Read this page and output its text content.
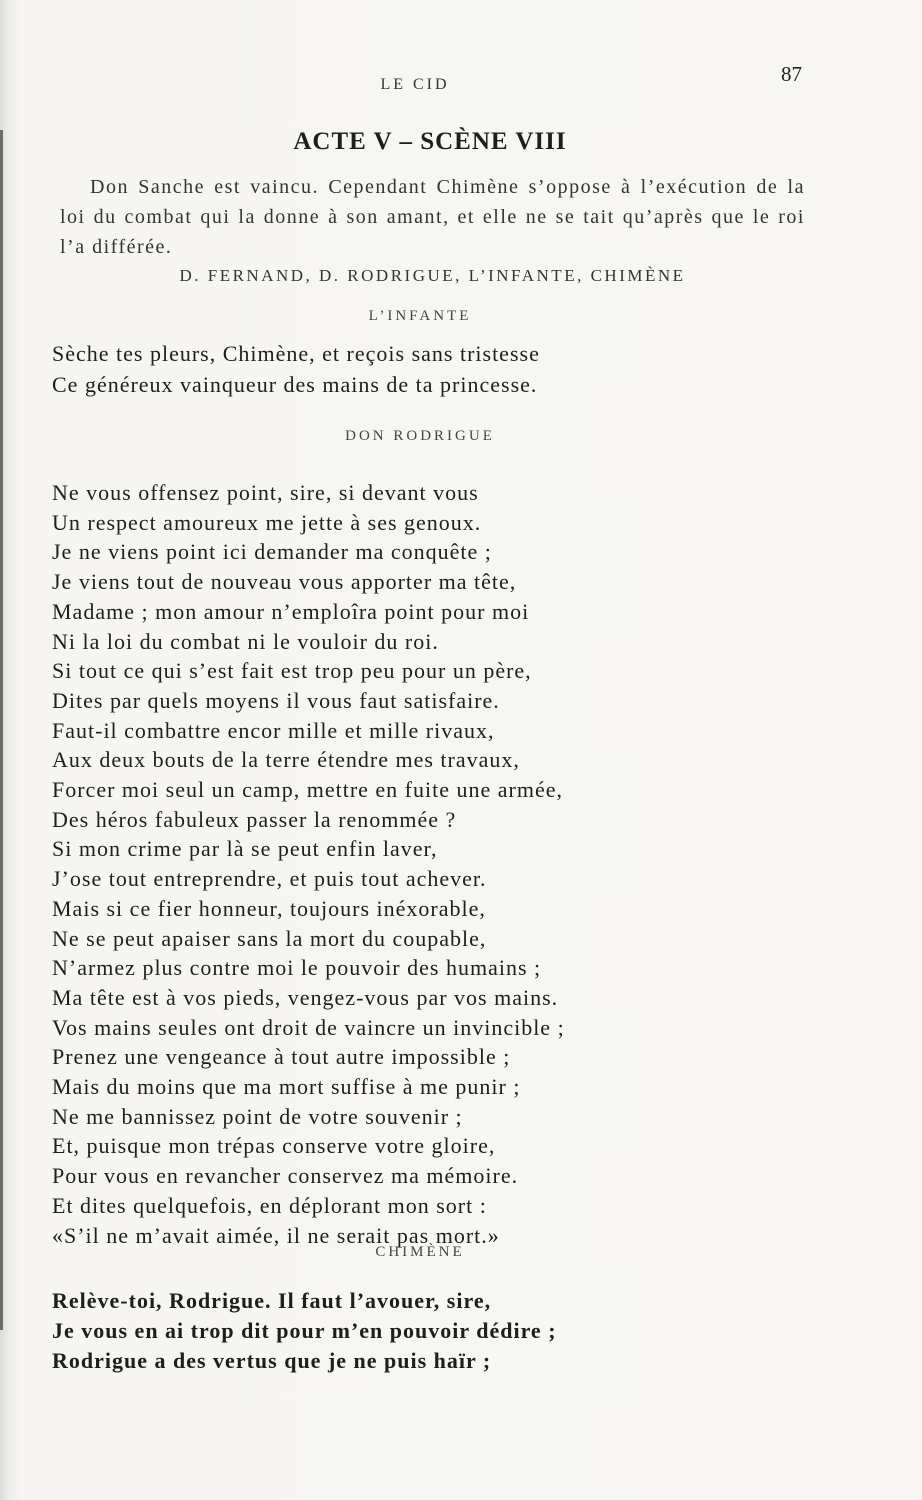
LE CID	87
ACTE V – SCÈNE VIII
Don Sanche est vaincu. Cependant Chimène s’oppose à l’exécution de la loi du combat qui la donne à son amant, et elle ne se tait qu’après que le roi l’a différée.
D. FERNAND, D. RODRIGUE, L’INFANTE, CHIMÈNE
L’INFANTE
Sèche tes pleurs, Chimène, et reçois sans tristesse
Ce généreux vainqueur des mains de ta princesse.
DON RODRIGUE
Ne vous offensez point, sire, si devant vous
Un respect amoureux me jette à ses genoux.
Je ne viens point ici demander ma conquête ;
Je viens tout de nouveau vous apporter ma tête,
Madame ; mon amour n’emploîra point pour moi
Ni la loi du combat ni le vouloir du roi.
Si tout ce qui s’est fait est trop peu pour un père,
Dites par quels moyens il vous faut satisfaire.
Faut-il combattre encor mille et mille rivaux,
Aux deux bouts de la terre étendre mes travaux,
Forcer moi seul un camp, mettre en fuite une armée,
Des héros fabuleux passer la renommée ?
Si mon crime par là se peut enfin laver,
J’ose tout entreprendre, et puis tout achever.
Mais si ce fier honneur, toujours inéxorable,
Ne se peut apaiser sans la mort du coupable,
N’armez plus contre moi le pouvoir des humains ;
Ma tête est à vos pieds, vengez-vous par vos mains.
Vos mains seules ont droit de vaincre un invincible ;
Prenez une vengeance à tout autre impossible ;
Mais du moins que ma mort suffise à me punir ;
Ne me bannissez point de votre souvenir ;
Et, puisque mon trépas conserve votre gloire,
Pour vous en revancher conservez ma mémoire.
Et dites quelquefois, en déplorant mon sort :
«S’il ne m’avait aimée, il ne serait pas mort.»
CHIMÈNE
Relève-toi, Rodrigue. Il faut l’avouer, sire,
Je vous en ai trop dit pour m’en pouvoir dédire ;
Rodrigue a des vertus que je ne puis haïr ;
